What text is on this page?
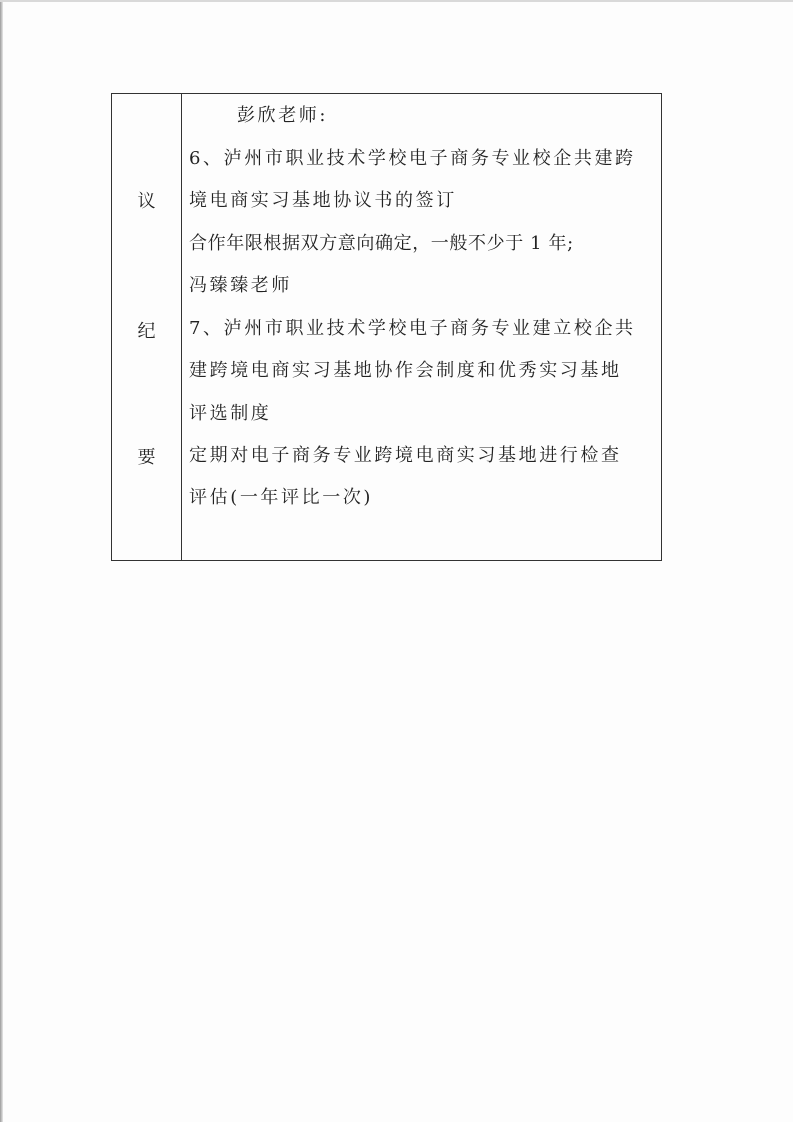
议
纪
要
彭欣老师:
6、泸州市职业技术学校电子商务专业校企共建跨
境电商实习基地协议书的签订
合作年限根据双方意向确定，一般不少于 1 年;
冯臻臻老师
7、泸州市职业技术学校电子商务专业建立校企共
建跨境电商实习基地协作会制度和优秀实习基地
评选制度
定期对电子商务专业跨境电商实习基地进行检查
评估(一年评比一次)
